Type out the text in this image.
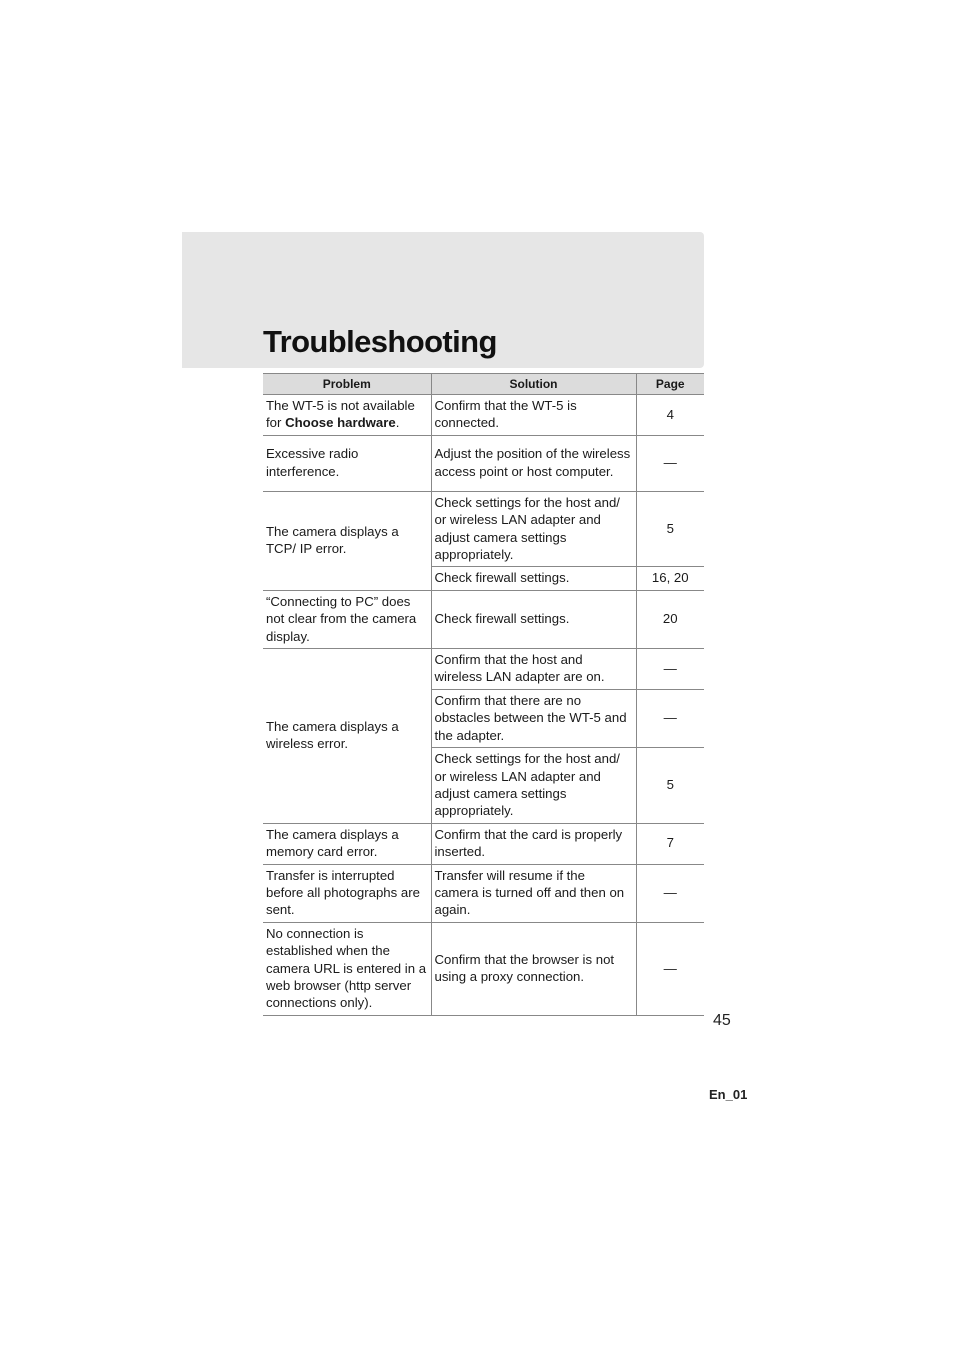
Troubleshooting
Problem	Solution	Page
The WT-5 is not available for Choose hardware.	Confirm that the WT-5 is connected.	4
Excessive radio interference.	Adjust the position of the wireless access point or host computer.	—
The camera displays a TCP/ IP error.	Check settings for the host and/ or wireless LAN adapter and adjust camera settings appropriately.	5
	Check firewall settings.	16, 20
“Connecting to PC” does not clear from the camera display.	Check firewall settings.	20
The camera displays a wireless error.	Confirm that the host and wireless LAN adapter are on.	—
	Confirm that there are no obstacles between the WT-5 and the adapter.	—
	Check settings for the host and/ or wireless LAN adapter and adjust camera settings appropriately.	5
The camera displays a memory card error.	Confirm that the card is properly inserted.	7
Transfer is interrupted before all photographs are sent.	Transfer will resume if the camera is turned off and then on again.	—
No connection is established when the camera URL is entered in a web browser (http server connections only).	Confirm that the browser is not using a proxy connection.	—
45
En_01
